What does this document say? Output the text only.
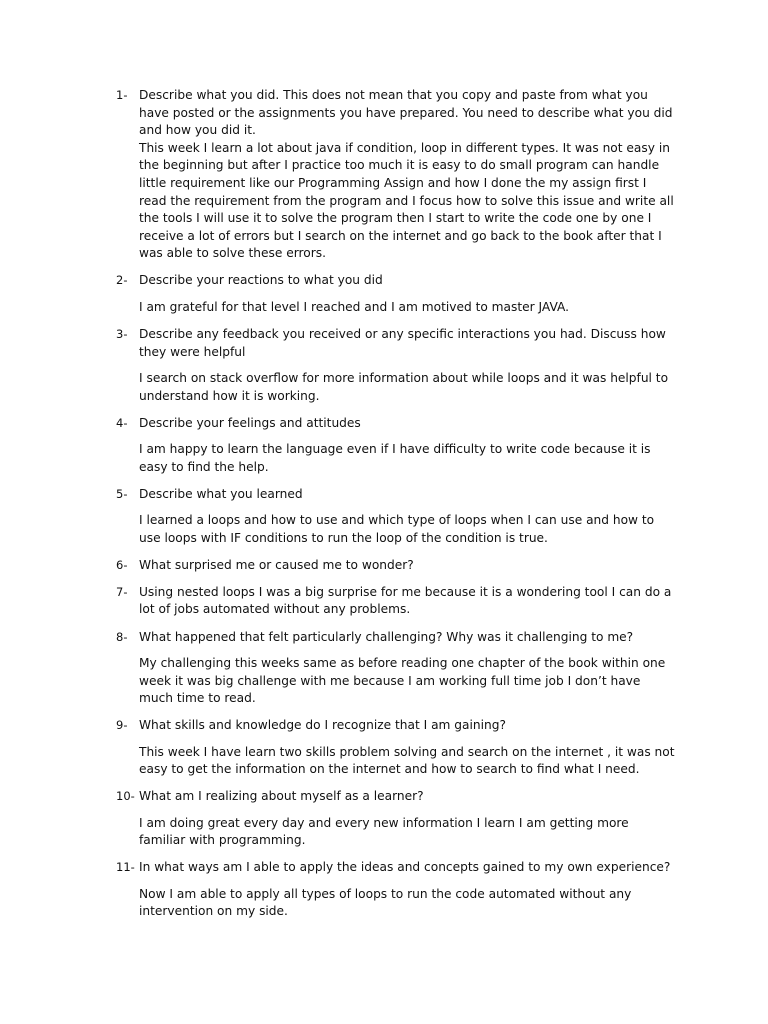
1- Describe what you did. This does not mean that you copy and paste from what you have posted or the assignments you have prepared. You need to describe what you did and how you did it.
This week I learn a lot about java if condition, loop in different types. It was not easy in the beginning but after I practice too much it is easy to do small program can handle little requirement like our Programming Assign and how I done the my assign first I read the requirement from the program and I focus how to solve this issue and write all the tools I will use it to solve the program then I start to write the code one by one I receive a lot of errors but I search on the internet and go back to the book after that I was able to solve these errors.
2- Describe your reactions to what you did
I am grateful for that level I reached and I am motived to master JAVA.
3- Describe any feedback you received or any specific interactions you had. Discuss how they were helpful
I search on stack overflow for more information about while loops and it was helpful to understand how it is working.
4- Describe your feelings and attitudes
I am happy to learn the language even if I have difficulty to write code because it is easy to find the help.
5- Describe what you learned
I learned a loops and how to use and which type of loops when I can use and how to use loops with IF conditions to run the loop of the condition is true.
6- What surprised me or caused me to wonder?
7- Using nested loops I was a big surprise for me because it is a wondering tool I can do a lot of jobs automated without any problems.
8- What happened that felt particularly challenging? Why was it challenging to me?
My challenging this weeks same as before reading one chapter of the book within one week it was big challenge with me because I am working full time job I don’t have much time to read.
9- What skills and knowledge do I recognize that I am gaining?
This week I have learn two skills problem solving and search on the internet , it was not easy to get the information on the internet and how to search to find what I need.
10- What am I realizing about myself as a learner?
I am doing great every day and every new information I learn I am getting more familiar with programming.
11- In what ways am I able to apply the ideas and concepts gained to my own experience?
Now I am able to apply all types of loops to run the code automated without any intervention on my side.
